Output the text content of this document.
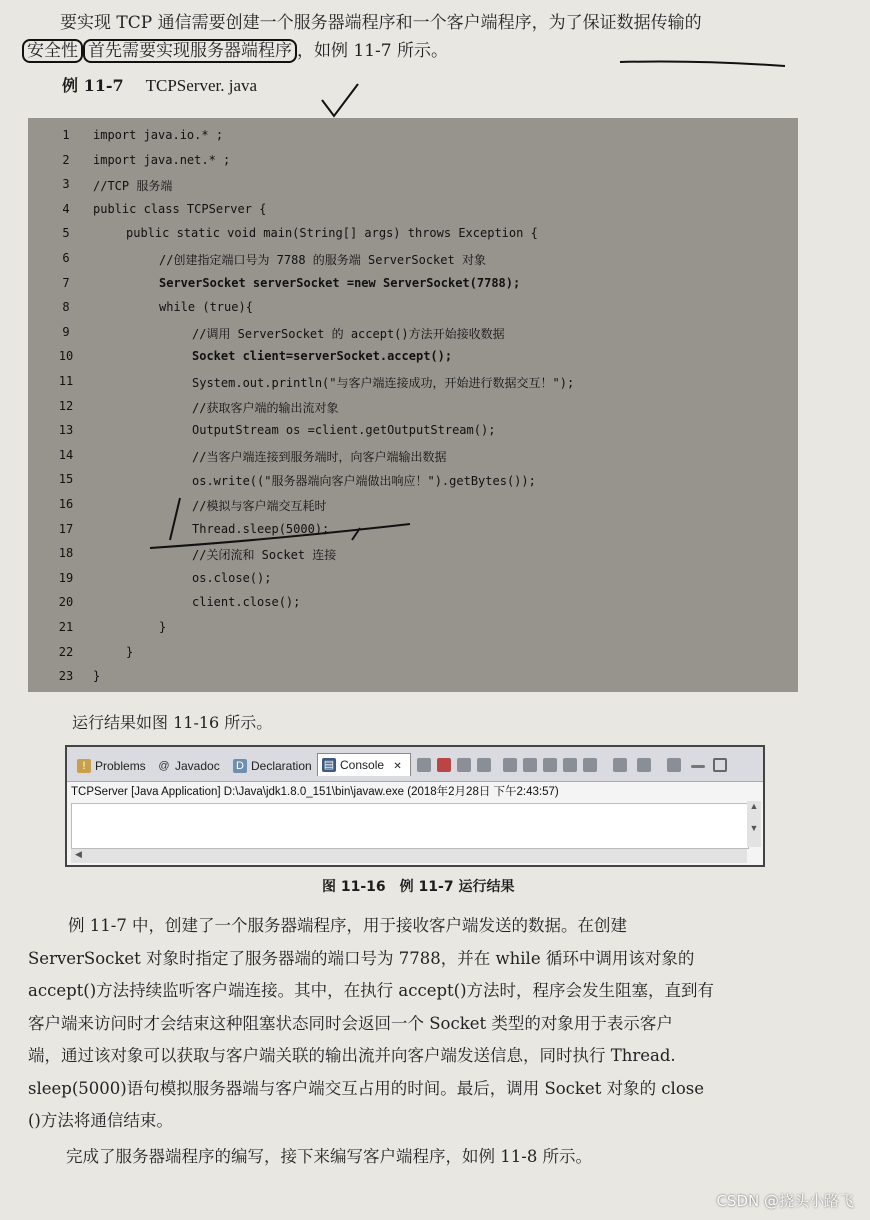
要实现 TCP 通信需要创建一个服务器端程序和一个客户端程序，为了保证数据传输的
安全性 首先需要实现服务器端程序 ，如例 11-7 所示。
例 11-7 TCPServer. java
1	import java.io.* ;
2	import java.net.* ;
3	//TCP 服务端
4	public class TCPServer {
5	public static void main(String[] args) throws Exception {
6	//创建指定端口号为 7788 的服务端 ServerSocket 对象
7	ServerSocket serverSocket =new ServerSocket(7788);
8	while (true){
9	//调用 ServerSocket 的 accept()方法开始接收数据
10	Socket client=serverSocket.accept();
11	System.out.println("与客户端连接成功，开始进行数据交互！");
12	//获取客户端的输出流对象
13	OutputStream os =client.getOutputStream();
14	//当客户端连接到服务端时，向客户端输出数据
15	os.write(("服务器端向客户端做出响应！").getBytes());
16	//模拟与客户端交互耗时
17	Thread.sleep(5000);
18	//关闭流和 Socket 连接
19	os.close();
20	client.close();
21	}
22	}
23	}
运行结果如图 11-16 所示。
! Problems @ Javadoc D Declaration ▤ Console ✕
TCPServer [Java Application] D:\Java\jdk1.8.0_151\bin\javaw.exe (2018年2月28日 下午2:43:57)
▲
▼
◀
图 11-16 例 11-7 运行结果
例 11-7 中，创建了一个服务器端程序，用于接收客户端发送的数据。在创建
ServerSocket 对象时指定了服务器端的端口号为 7788，并在 while 循环中调用该对象的
accept()方法持续监听客户端连接。其中，在执行 accept()方法时，程序会发生阻塞，直到有
客户端来访问时才会结束这种阻塞状态同时会返回一个 Socket 类型的对象用于表示客户
端，通过该对象可以获取与客户端关联的输出流并向客户端发送信息，同时执行 Thread.
sleep(5000)语句模拟服务器端与客户端交互占用的时间。最后，调用 Socket 对象的 close
()方法将通信结束。
完成了服务器端程序的编写，接下来编写客户端程序，如例 11-8 所示。
CSDN @挠头小路飞
